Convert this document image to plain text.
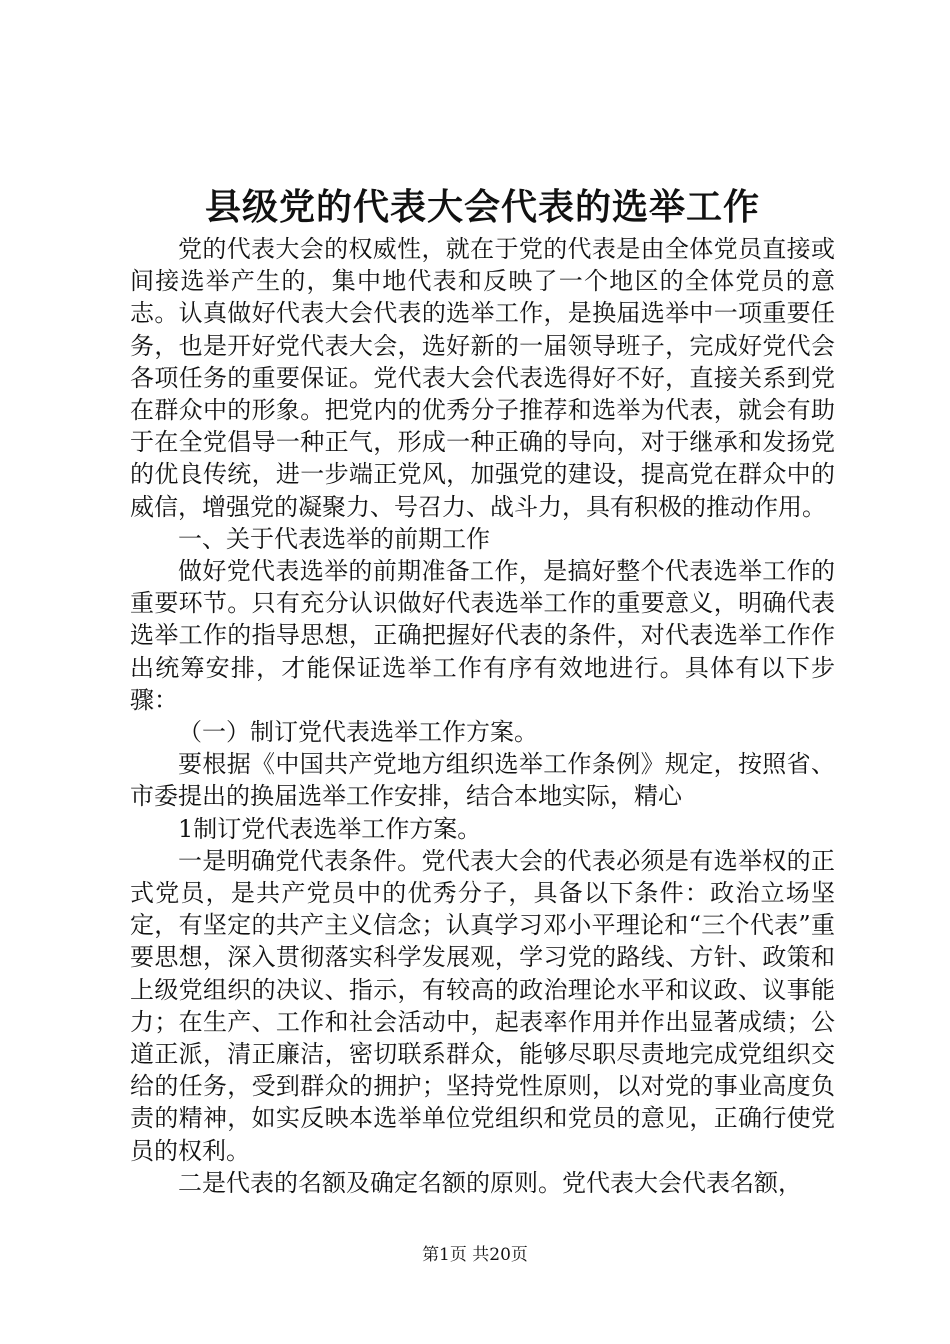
县级党的代表大会代表的选举工作

党的代表大会的权威性，就在于党的代表是由全体党员直接或间接选举产生的，集中地代表和反映了一个地区的全体党员的意志。认真做好代表大会代表的选举工作，是换届选举中一项重要任务，也是开好党代表大会，选好新的一届领导班子，完成好党代会各项任务的重要保证。党代表大会代表选得好不好，直接关系到党在群众中的形象。把党内的优秀分子推荐和选举为代表，就会有助于在全党倡导一种正气，形成一种正确的导向，对于继承和发扬党的优良传统，进一步端正党风，加强党的建设，提高党在群众中的威信，增强党的凝聚力、号召力、战斗力，具有积极的推动作用。

一、关于代表选举的前期工作

做好党代表选举的前期准备工作，是搞好整个代表选举工作的重要环节。只有充分认识做好代表选举工作的重要意义，明确代表选举工作的指导思想，正确把握好代表的条件，对代表选举工作作出统筹安排，才能保证选举工作有序有效地进行。具体有以下步骤：

（一）制订党代表选举工作方案。

要根据《中国共产党地方组织选举工作条例》规定，按照省、市委提出的换届选举工作安排，结合本地实际，精心

1制订党代表选举工作方案。

一是明确党代表条件。党代表大会的代表必须是有选举权的正式党员，是共产党员中的优秀分子，具备以下条件：政治立场坚定，有坚定的共产主义信念；认真学习邓小平理论和“三个代表”重要思想，深入贯彻落实科学发展观，学习党的路线、方针、政策和上级党组织的决议、指示，有较高的政治理论水平和议政、议事能力；在生产、工作和社会活动中，起表率作用并作出显著成绩；公道正派，清正廉洁，密切联系群众，能够尽职尽责地完成党组织交给的任务，受到群众的拥护；坚持党性原则，以对党的事业高度负责的精神，如实反映本选举单位党组织和党员的意见，正确行使党员的权利。

二是代表的名额及确定名额的原则。党代表大会代表名额，

第1页 共20页
